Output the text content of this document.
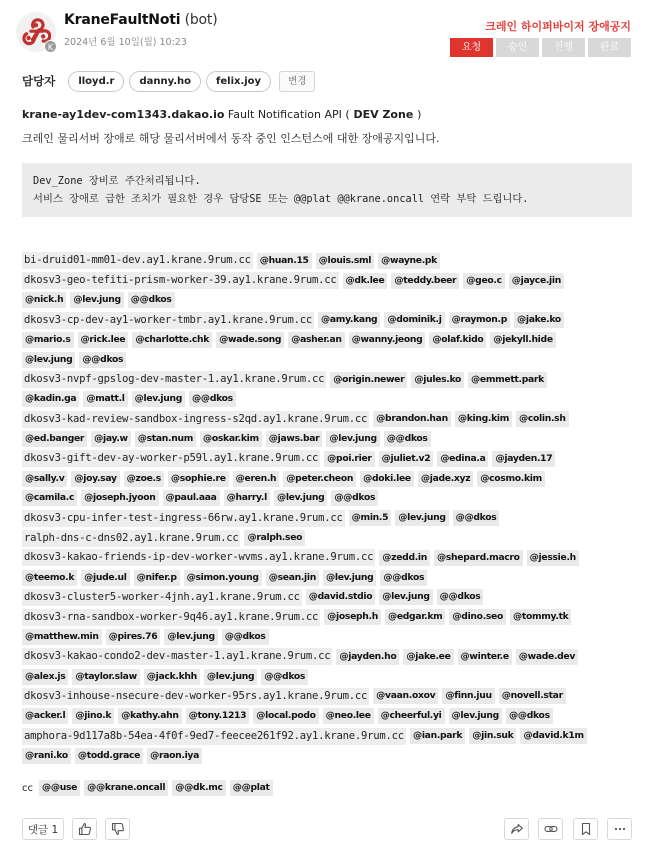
K
KraneFaultNoti (bot)
2024년 6월 10일(월) 10:23
크레인 하이퍼바이저 장애공지
요청	승인	진행	완료
담당자	lloyd.r	danny.ho	felix.joy	변경
krane-ay1dev-com1343.dakao.io Fault Notification API ( DEV Zone )
크레인 물리서버 장애로 해당 물리서버에서 동작 중인 인스턴스에 대한 장애공지입니다.
Dev_Zone 장비로 주간처리됩니다.
서비스 장애로 급한 조치가 필요한 경우 담당SE 또는 @@plat @@krane.oncall 연락 부탁 드립니다.
bi-druid01-mm01-dev.ay1.krane.9rum.cc @huan.15	@louis.sml	@wayne.pk
dkosv3-geo-tefiti-prism-worker-39.ay1.krane.9rum.cc @dk.lee	@teddy.beer	@geo.c	@jayce.jin
@nick.h	@lev.jung	@@dkos
dkosv3-cp-dev-ay1-worker-tmbr.ay1.krane.9rum.cc @amy.kang	@dominik.j	@raymon.p	@jake.ko
@mario.s	@rick.lee	@charlotte.chk	@wade.song	@asher.an	@wanny.jeong	@olaf.kido	@jekyll.hide
@lev.jung	@@dkos
dkosv3-nvpf-gpslog-dev-master-1.ay1.krane.9rum.cc @origin.newer	@jules.ko	@emmett.park
@kadin.ga	@matt.l	@lev.jung	@@dkos
dkosv3-kad-review-sandbox-ingress-s2qd.ay1.krane.9rum.cc @brandon.han	@king.kim	@colin.sh
@ed.banger	@jay.w	@stan.num	@oskar.kim	@jaws.bar	@lev.jung	@@dkos
dkosv3-gift-dev-ay-worker-p59l.ay1.krane.9rum.cc @poi.rier	@juliet.v2	@edina.a	@jayden.17
@sally.v	@joy.say	@zoe.s	@sophie.re	@eren.h	@peter.cheon	@doki.lee	@jade.xyz	@cosmo.kim
@camila.c	@joseph.jyoon	@paul.aaa	@harry.l	@lev.jung	@@dkos
dkosv3-cpu-infer-test-ingress-66rw.ay1.krane.9rum.cc @min.5	@lev.jung	@@dkos
ralph-dns-c-dns02.ay1.krane.9rum.cc @ralph.seo
dkosv3-kakao-friends-ip-dev-worker-wvms.ay1.krane.9rum.cc @zedd.in	@shepard.macro	@jessie.h
@teemo.k	@jude.ul	@nifer.p	@simon.young	@sean.jin	@lev.jung	@@dkos
dkosv3-cluster5-worker-4jnh.ay1.krane.9rum.cc @david.stdio	@lev.jung	@@dkos
dkosv3-rna-sandbox-worker-9q46.ay1.krane.9rum.cc @joseph.h	@edgar.km	@dino.seo	@tommy.tk
@matthew.min	@pires.76	@lev.jung	@@dkos
dkosv3-kakao-condo2-dev-master-1.ay1.krane.9rum.cc @jayden.ho	@jake.ee	@winter.e	@wade.dev
@alex.js	@taylor.slaw	@jack.khh	@lev.jung	@@dkos
dkosv3-inhouse-nsecure-dev-worker-95rs.ay1.krane.9rum.cc @vaan.oxov	@finn.juu	@novell.star
@acker.l	@jino.k	@kathy.ahn	@tony.1213	@local.podo	@neo.lee	@cheerful.yi	@lev.jung	@@dkos
amphora-9d117a8b-54ea-4f0f-9ed7-feecee261f92.ay1.krane.9rum.cc @ian.park	@jin.suk	@david.k1m
@rani.ko	@todd.grace	@raon.iya
cc @@use	@@krane.oncall	@@dk.mc	@@plat
댓글 1
